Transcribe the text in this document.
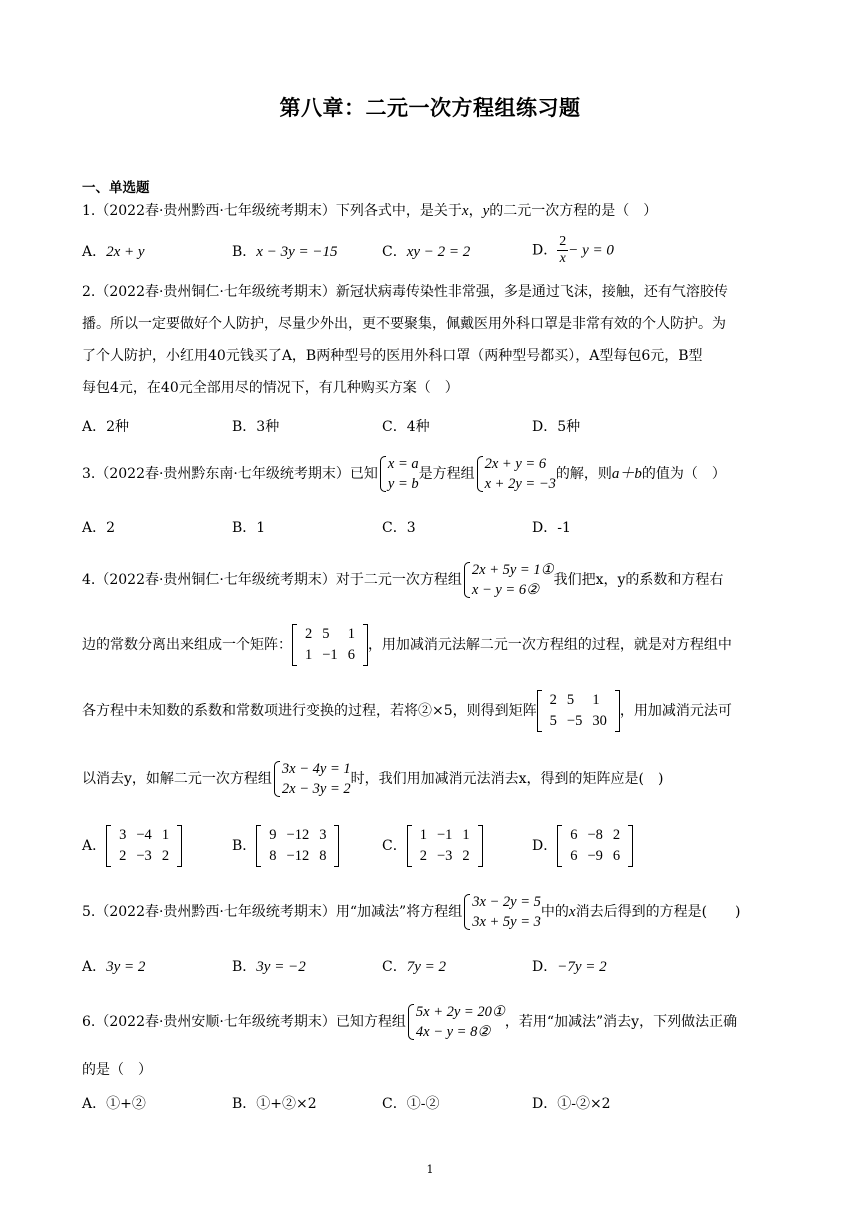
第八章：二元一次方程组练习题
一、单选题
1.（2022春·贵州黔西·七年级统考期末）下列各式中，是关于x，y的二元一次方程的是（　）
A．2x + y	B．x − 3y = −15	C．xy − 2 = 2	D． $\frac{2}{x} - y = 0$
2.（2022春·贵州铜仁·七年级统考期末）新冠状病毒传染性非常强，多是通过飞沫，接触，还有气溶胶传
播。所以一定要做好个人防护，尽量少外出，更不要聚集，佩戴医用外科口罩是非常有效的个人防护。为
了个人防护，小红用40元钱买了A，B两种型号的医用外科口罩（两种型号都买），A型每包6元，B型
每包4元，在40元全部用尽的情况下，有几种购买方案（　）
A．2种	B．3种	C．4种	D．5种
3.（2022春·贵州黔东南·七年级统考期末）已知
x = a
y = b
是方程组
2x + y = 6
x + 2y = −3
的解，则a＋b的值为（　）
A．2	B．1	C．3	D．-1
4.（2022春·贵州铜仁·七年级统考期末）对于二元一次方程组
2x + 5y = 1①
x − y = 6②
我们把x，y的系数和方程右
边的常数分离出来组成一个矩阵：
2	5	1
1	−1	6
，用加减消元法解二元一次方程组的过程，就是对方程组中
各方程中未知数的系数和常数项进行变换的过程，若将②×5，则得到矩阵
2	5	1
5	−5	30
，用加减消元法可
以消去y，如解二元一次方程组
3x − 4y = 1
2x − 3y = 2
时，我们用加减消元法消去x，得到的矩阵应是(　)
A．
3	−4	1
2	−3	2
B．
9	−12	3
8	−12	8
C．
1	−1	1
2	−3	2
D．
6	−8	2
6	−9	6
5.（2022春·贵州黔西·七年级统考期末）用“加减法”将方程组
3x − 2y = 5
3x + 5y = 3
中的x消去后得到的方程是(　　)
A．3y = 2	B．3y = −2	C．7y = 2	D．−7y = 2
6.（2022春·贵州安顺·七年级统考期末）已知方程组
5x + 2y = 20①
4x − y = 8②
，若用“加减法”消去y，下列做法正确
的是（　）
A．①+②	B．①+②×2	C．①-②	D．①-②×2
1
